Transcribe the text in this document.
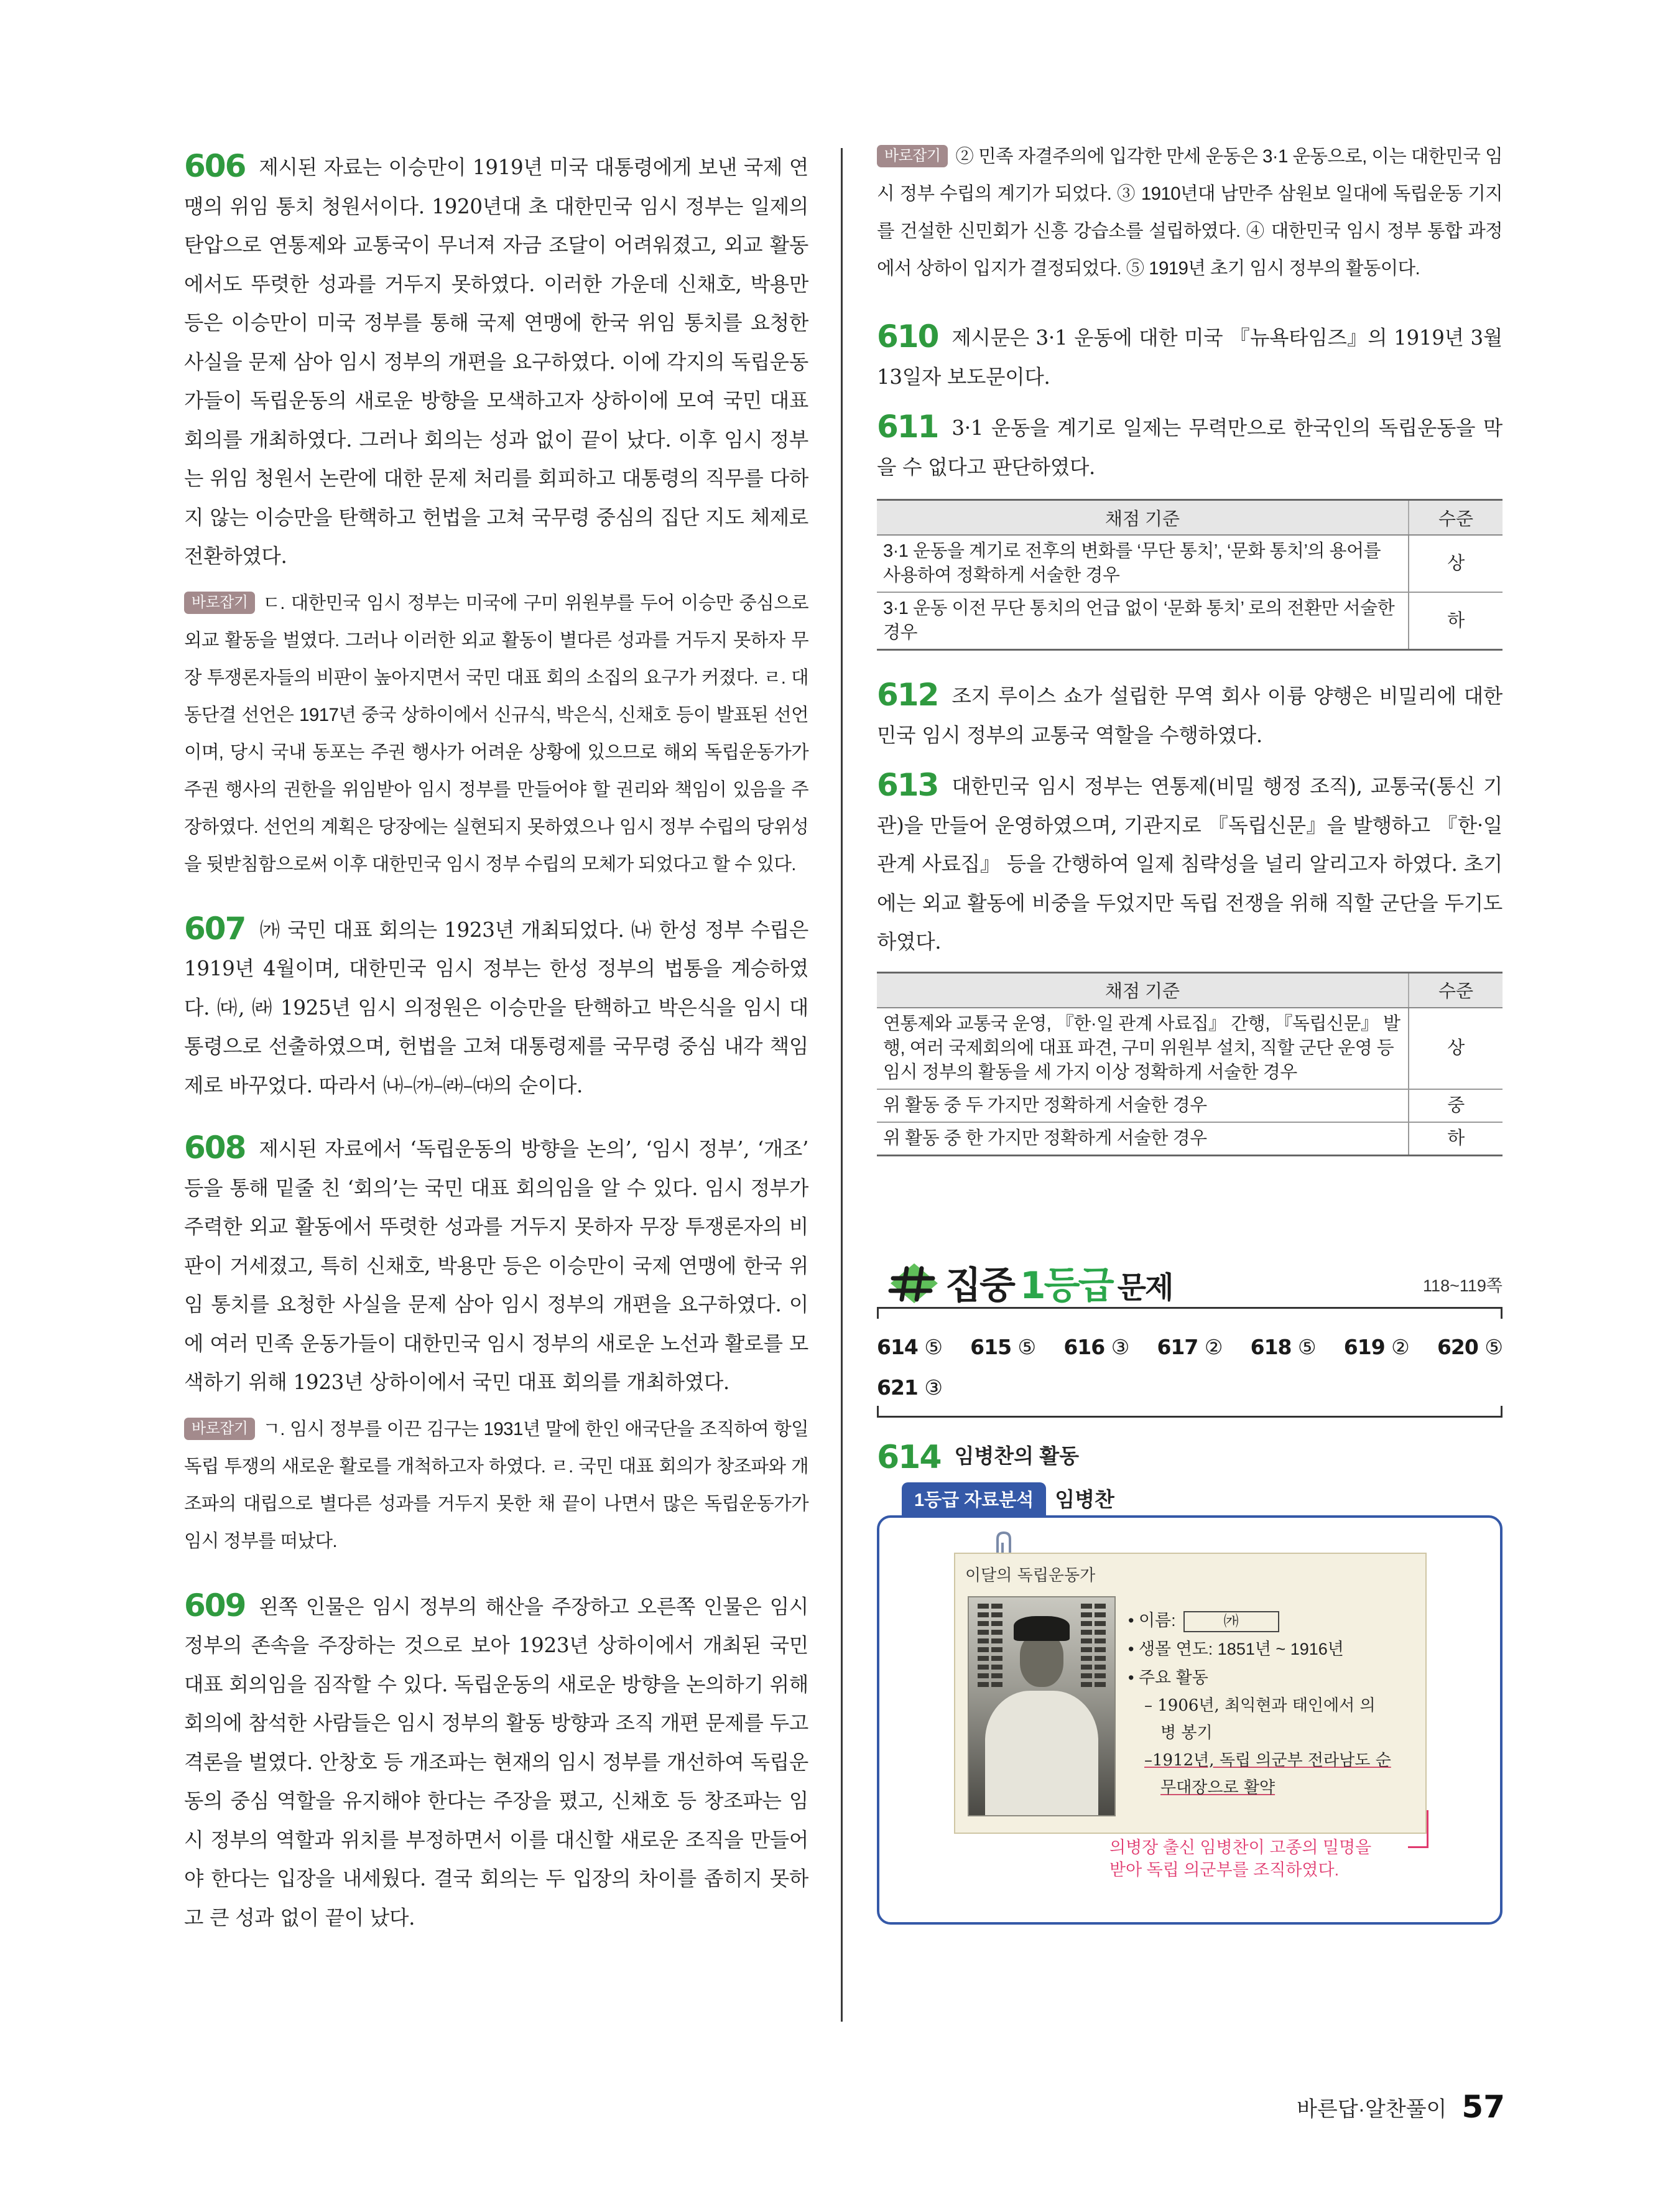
606 제시된 자료는 이승만이 1919년 미국 대통령에게 보낸 국제 연맹의 위임 통치 청원서이다. 1920년대 초 대한민국 임시 정부는 일제의 탄압으로 연통제와 교통국이 무너져 자금 조달이 어려워졌고, 외교 활동에서도 뚜렷한 성과를 거두지 못하였다. 이러한 가운데 신채호, 박용만 등은 이승만이 미국 정부를 통해 국제 연맹에 한국 위임 통치를 요청한 사실을 문제 삼아 임시 정부의 개편을 요구하였다. 이에 각지의 독립운동가들이 독립운동의 새로운 방향을 모색하고자 상하이에 모여 국민 대표 회의를 개최하였다. 그러나 회의는 성과 없이 끝이 났다. 이후 임시 정부는 위임 청원서 논란에 대한 문제 처리를 회피하고 대통령의 직무를 다하지 않는 이승만을 탄핵하고 헌법을 고쳐 국무령 중심의 집단 지도 체제로 전환하였다.

바로잡기 ㄷ. 대한민국 임시 정부는 미국에 구미 위원부를 두어 이승만 중심으로 외교 활동을 벌였다. 그러나 이러한 외교 활동이 별다른 성과를 거두지 못하자 무장 투쟁론자들의 비판이 높아지면서 국민 대표 회의 소집의 요구가 커졌다. ㄹ. 대동단결 선언은 1917년 중국 상하이에서 신규식, 박은식, 신채호 등이 발표된 선언이며, 당시 국내 동포는 주권 행사가 어려운 상황에 있으므로 해외 독립운동가가 주권 행사의 권한을 위임받아 임시 정부를 만들어야 할 권리와 책임이 있음을 주장하였다. 선언의 계획은 당장에는 실현되지 못하였으나 임시 정부 수립의 당위성을 뒷받침함으로써 이후 대한민국 임시 정부 수립의 모체가 되었다고 할 수 있다.

607 ㈎ 국민 대표 회의는 1923년 개최되었다. ㈏ 한성 정부 수립은 1919년 4월이며, 대한민국 임시 정부는 한성 정부의 법통을 계승하였다. ㈐, ㈑ 1925년 임시 의정원은 이승만을 탄핵하고 박은식을 임시 대통령으로 선출하였으며, 헌법을 고쳐 대통령제를 국무령 중심 내각 책임제로 바꾸었다. 따라서 ㈏–㈎–㈑–㈐의 순이다.

608 제시된 자료에서 ‘독립운동의 방향을 논의’, ‘임시 정부’, ‘개조’ 등을 통해 밑줄 친 ‘회의’는 국민 대표 회의임을 알 수 있다. 임시 정부가 주력한 외교 활동에서 뚜렷한 성과를 거두지 못하자 무장 투쟁론자의 비판이 거세졌고, 특히 신채호, 박용만 등은 이승만이 국제 연맹에 한국 위임 통치를 요청한 사실을 문제 삼아 임시 정부의 개편을 요구하였다. 이에 여러 민족 운동가들이 대한민국 임시 정부의 새로운 노선과 활로를 모색하기 위해 1923년 상하이에서 국민 대표 회의를 개최하였다.

바로잡기 ㄱ. 임시 정부를 이끈 김구는 1931년 말에 한인 애국단을 조직하여 항일 독립 투쟁의 새로운 활로를 개척하고자 하였다. ㄹ. 국민 대표 회의가 창조파와 개조파의 대립으로 별다른 성과를 거두지 못한 채 끝이 나면서 많은 독립운동가가 임시 정부를 떠났다.

609 왼쪽 인물은 임시 정부의 해산을 주장하고 오른쪽 인물은 임시 정부의 존속을 주장하는 것으로 보아 1923년 상하이에서 개최된 국민 대표 회의임을 짐작할 수 있다. 독립운동의 새로운 방향을 논의하기 위해 회의에 참석한 사람들은 임시 정부의 활동 방향과 조직 개편 문제를 두고 격론을 벌였다. 안창호 등 개조파는 현재의 임시 정부를 개선하여 독립운동의 중심 역할을 유지해야 한다는 주장을 폈고, 신채호 등 창조파는 임시 정부의 역할과 위치를 부정하면서 이를 대신할 새로운 조직을 만들어야 한다는 입장을 내세웠다. 결국 회의는 두 입장의 차이를 좁히지 못하고 큰 성과 없이 끝이 났다.

바로잡기 ② 민족 자결주의에 입각한 만세 운동은 3·1 운동으로, 이는 대한민국 임시 정부 수립의 계기가 되었다. ③ 1910년대 남만주 삼원보 일대에 독립운동 기지를 건설한 신민회가 신흥 강습소를 설립하였다. ④ 대한민국 임시 정부 통합 과정에서 상하이 입지가 결정되었다. ⑤ 1919년 초기 임시 정부의 활동이다.

610 제시문은 3·1 운동에 대한 미국 『뉴욕타임즈』의 1919년 3월 13일자 보도문이다.

611 3·1 운동을 계기로 일제는 무력만으로 한국인의 독립운동을 막을 수 없다고 판단하였다.

채점 기준	수준
3·1 운동을 계기로 전후의 변화를 ‘무단 통치’, ‘문화 통치’의 용어를 사용하여 정확하게 서술한 경우	상
3·1 운동 이전 무단 통치의 언급 없이 ‘문화 통치’ 로의 전환만 서술한 경우	하

612 조지 루이스 쇼가 설립한 무역 회사 이륭 양행은 비밀리에 대한민국 임시 정부의 교통국 역할을 수행하였다.

613 대한민국 임시 정부는 연통제(비밀 행정 조직), 교통국(통신 기관)을 만들어 운영하였으며, 기관지로 『독립신문』을 발행하고 『한·일 관계 사료집』 등을 간행하여 일제 침략성을 널리 알리고자 하였다. 초기에는 외교 활동에 비중을 두었지만 독립 전쟁을 위해 직할 군단을 두기도 하였다.

채점 기준	수준
연통제와 교통국 운영, 『한·일 관계 사료집』 간행, 『독립신문』 발행, 여러 국제회의에 대표 파견, 구미 위원부 설치, 직할 군단 운영 등 임시 정부의 활동을 세 가지 이상 정확하게 서술한 경우	상
위 활동 중 두 가지만 정확하게 서술한 경우	중
위 활동 중 한 가지만 정확하게 서술한 경우	하
집중 1등급 문제	118~119쪽
614 ⑤ 615 ⑤ 616 ③ 617 ② 618 ⑤ 619 ② 620 ⑤
621 ③
614 임병찬의 활동
1등급 자료분석	임병찬
이달의 독립운동가
• 이름:	㈎
• 생몰 연도: 1851년 ~ 1916년
• 주요 활동
– 1906년, 최익현과 태인에서 의
병 봉기
–1912년, 독립 의군부 전라남도 순
무대장으로 활약
의병장 출신 임병찬이 고종의 밀명을
받아 독립 의군부를 조직하였다.
바른답·알찬풀이 57
